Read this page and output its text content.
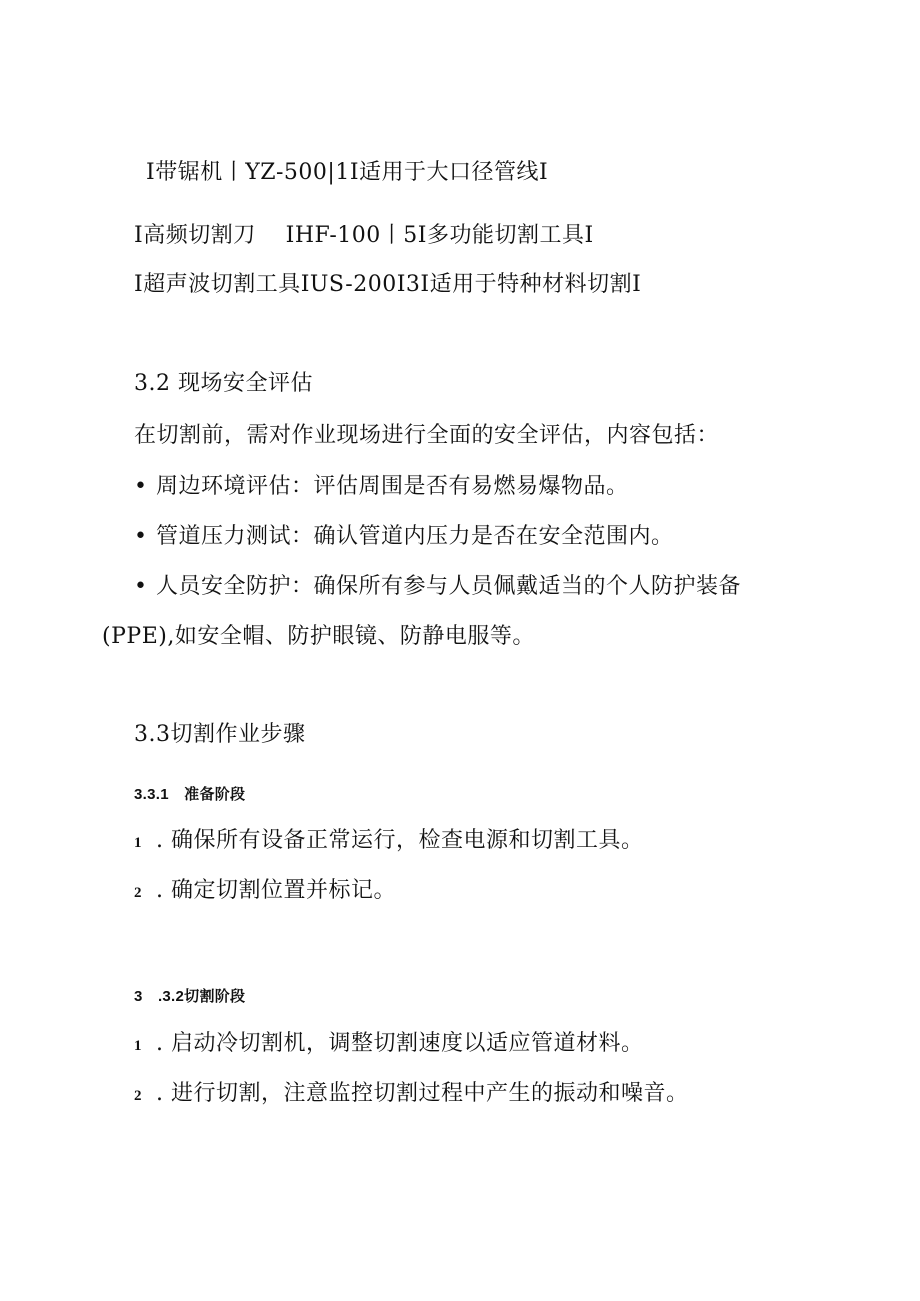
I带锯机丨YZ-500|1I适用于大口径管线I
I高频切割刀　 IHF-100丨5I多功能切割工具I
I超声波切割工具IUS-200I3I适用于特种材料切割I
3.2 现场安全评估
在切割前，需对作业现场进行全面的安全评估，内容包括：
• 周边环境评估：评估周围是否有易燃易爆物品。
• 管道压力测试：确认管道内压力是否在安全范围内。
• 人员安全防护：确保所有参与人员佩戴适当的个人防护装备
(PPE),如安全帽、防护眼镜、防静电服等。
3.3切割作业步骤
3.3.1　准备阶段
1 . 确保所有设备正常运行，检查电源和切割工具。
2 . 确定切割位置并标记。
3　.3.2切割阶段
1 . 启动冷切割机，调整切割速度以适应管道材料。
2 . 进行切割，注意监控切割过程中产生的振动和噪音。
